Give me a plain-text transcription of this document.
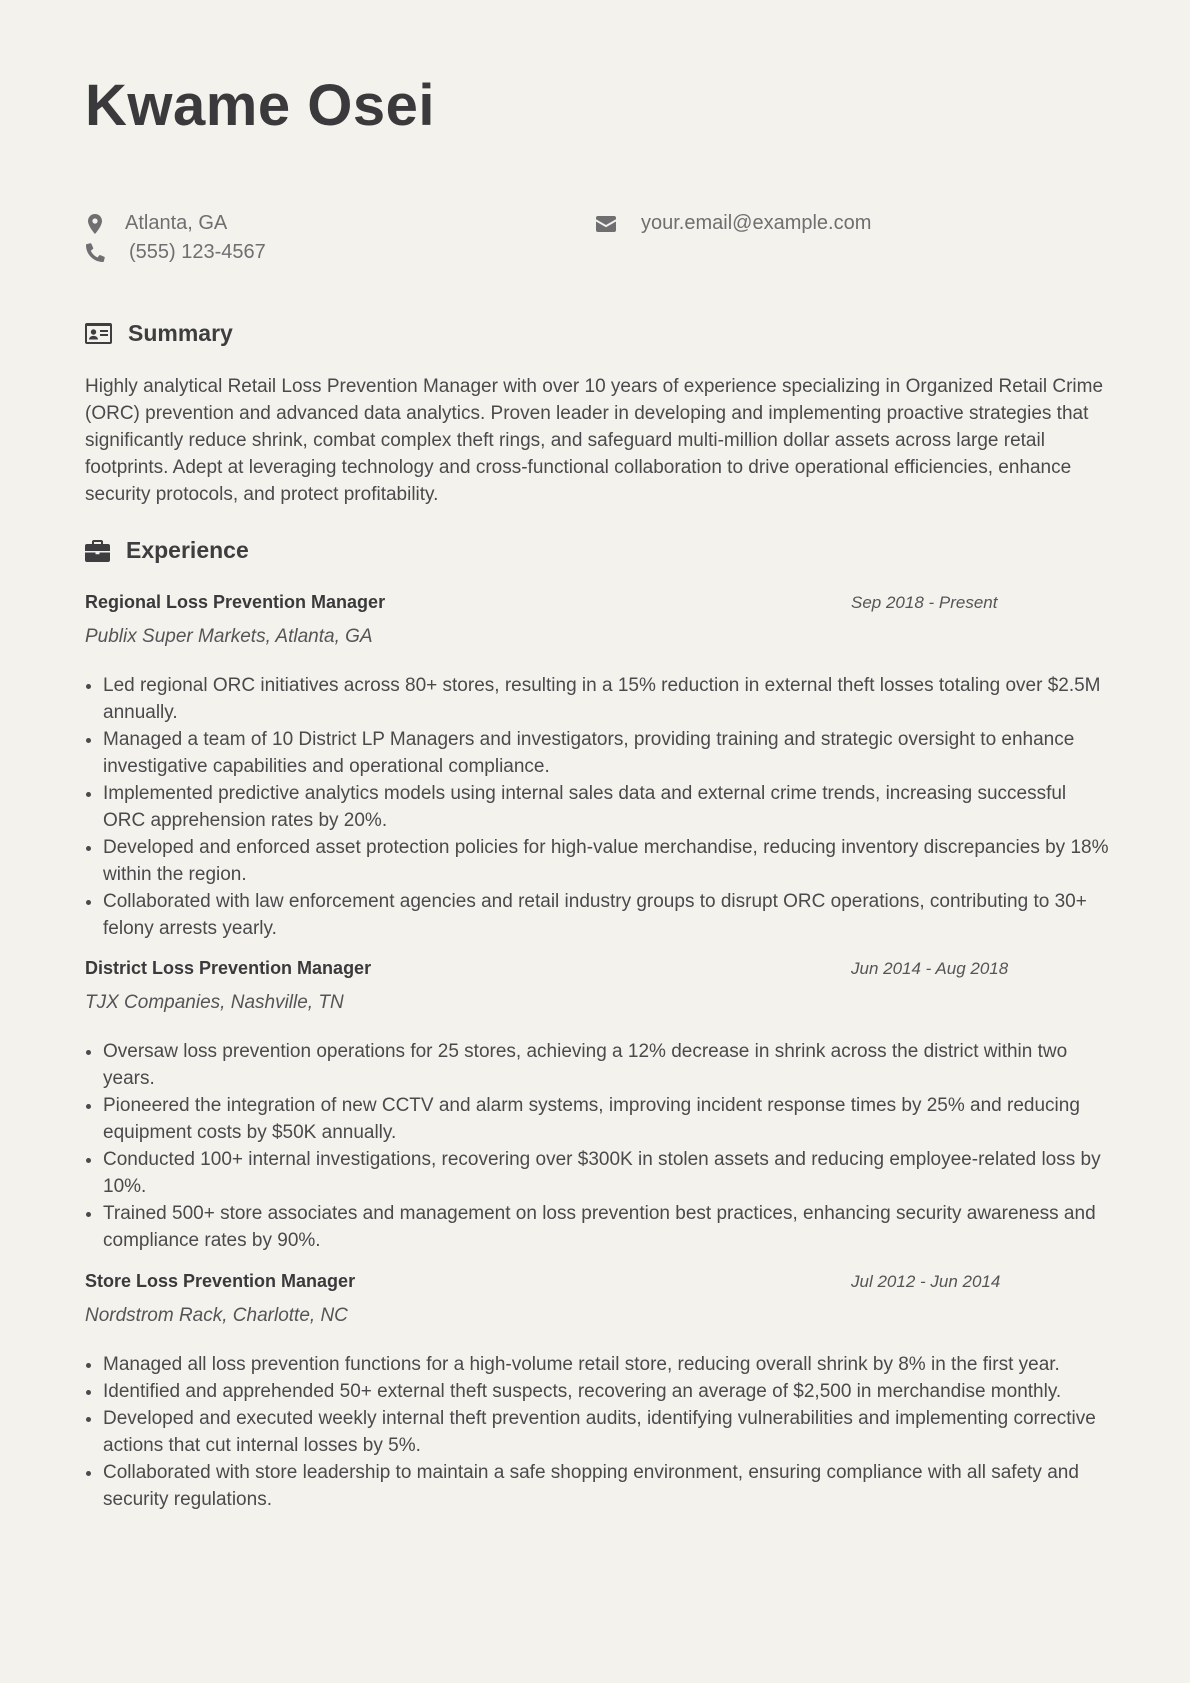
Kwame Osei
Atlanta, GA	your.email@example.com
(555) 123-4567
Summary

Highly analytical Retail Loss Prevention Manager with over 10 years of experience specializing in Organized Retail Crime (ORC) prevention and advanced data analytics. Proven leader in developing and implementing proactive strategies that significantly reduce shrink, combat complex theft rings, and safeguard multi-million dollar assets across large retail footprints. Adept at leveraging technology and cross-functional collaboration to drive operational efficiencies, enhance security protocols, and protect profitability.

Experience
Regional Loss Prevention Manager	Sep 2018 - Present
Publix Super Markets, Atlanta, GA
Led regional ORC initiatives across 80+ stores, resulting in a 15% reduction in external theft losses totaling over $2.5M annually.
Managed a team of 10 District LP Managers and investigators, providing training and strategic oversight to enhance investigative capabilities and operational compliance.
Implemented predictive analytics models using internal sales data and external crime trends, increasing successful ORC apprehension rates by 20%.
Developed and enforced asset protection policies for high-value merchandise, reducing inventory discrepancies by 18% within the region.
Collaborated with law enforcement agencies and retail industry groups to disrupt ORC operations, contributing to 30+ felony arrests yearly.
District Loss Prevention Manager	Jun 2014 - Aug 2018
TJX Companies, Nashville, TN
Oversaw loss prevention operations for 25 stores, achieving a 12% decrease in shrink across the district within two years.
Pioneered the integration of new CCTV and alarm systems, improving incident response times by 25% and reducing equipment costs by $50K annually.
Conducted 100+ internal investigations, recovering over $300K in stolen assets and reducing employee-related loss by 10%.
Trained 500+ store associates and management on loss prevention best practices, enhancing security awareness and compliance rates by 90%.
Store Loss Prevention Manager	Jul 2012 - Jun 2014
Nordstrom Rack, Charlotte, NC
Managed all loss prevention functions for a high-volume retail store, reducing overall shrink by 8% in the first year.
Identified and apprehended 50+ external theft suspects, recovering an average of $2,500 in merchandise monthly.
Developed and executed weekly internal theft prevention audits, identifying vulnerabilities and implementing corrective actions that cut internal losses by 5%.
Collaborated with store leadership to maintain a safe shopping environment, ensuring compliance with all safety and security regulations.
